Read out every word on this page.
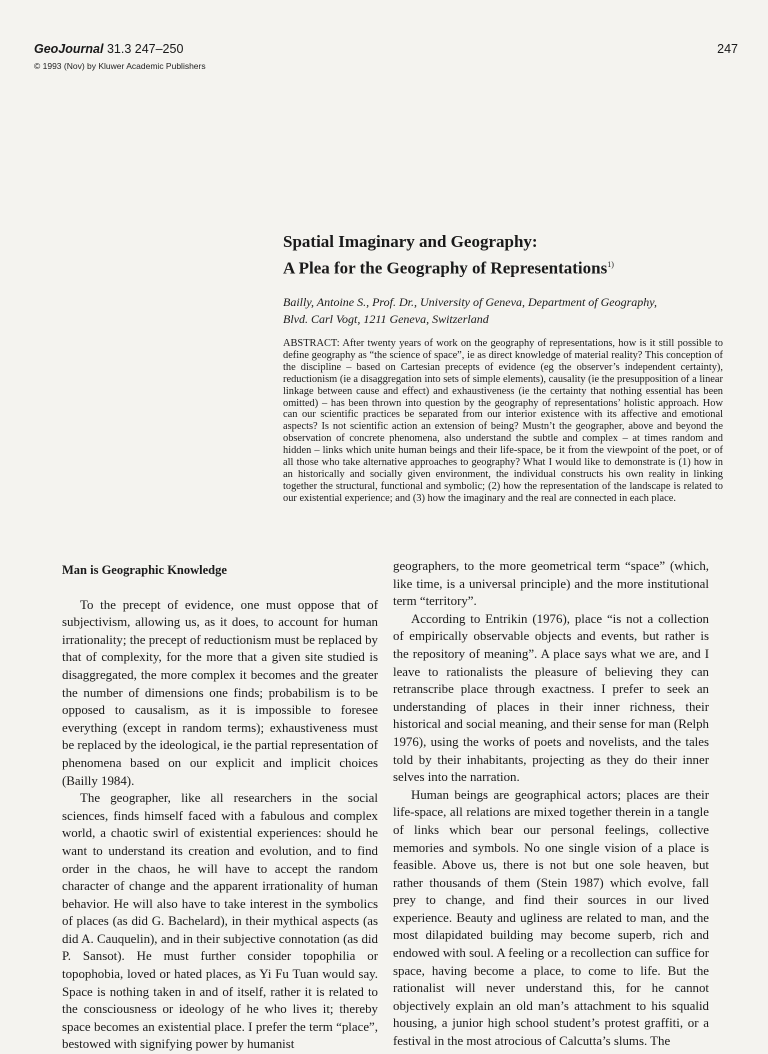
GeoJournal 31.3 247–250
© 1993 (Nov) by Kluwer Academic Publishers
247

Spatial Imaginary and Geography:

A Plea for the Geography of Representations$^{1)}$

Bailly, Antoine S., Prof. Dr., University of Geneva, Department of Geography,
Blvd. Carl Vogt, 1211 Geneva, Switzerland

ABSTRACT: After twenty years of work on the geography of representations, how is it still possible to define geography as “the science of space”, ie as direct knowledge of material reality? This conception of the discipline – based on Cartesian precepts of evidence (eg the observer’s independent certainty), reductionism (ie a disaggregation into sets of simple elements), causality (ie the presupposition of a linear linkage between cause and effect) and exhaustiveness (ie the certainty that nothing essential has been omitted) – has been thrown into question by the geography of representations’ holistic approach. How can our scientific practices be separated from our interior existence with its affective and emotional aspects? Is not scientific action an extension of being? Mustn’t the geographer, above and beyond the observation of concrete phenomena, also understand the subtle and complex – at times random and hidden – links which unite human beings and their life-space, be it from the viewpoint of the poet, or of all those who take alternative approaches to geography? What I would like to demonstrate is (1) how in an historically and socially given environment, the individual constructs his own reality in linking together the structural, functional and symbolic; (2) how the representation of the landscape is related to our existential experience; and (3) how the imaginary and the real are connected in each place.

Man is Geographic Knowledge

To the precept of evidence, one must oppose that of subjectivism, allowing us, as it does, to account for human irrationality; the precept of reductionism must be replaced by that of complexity, for the more that a given site studied is disaggregated, the more complex it becomes and the greater the number of dimensions one finds; probabilism is to be opposed to causalism, as it is impossible to foresee everything (except in random terms); exhaustiveness must be replaced by the ideological, ie the partial representation of phenomena based on our explicit and implicit choices (Bailly 1984).

The geographer, like all researchers in the social sciences, finds himself faced with a fabulous and complex world, a chaotic swirl of existential experiences: should he want to understand its creation and evolution, and to find order in the chaos, he will have to accept the random character of change and the apparent irrationality of human behavior. He will also have to take interest in the symbolics of places (as did G. Bachelard), in their mythical aspects (as did A. Cauquelin), and in their subjective connotation (as did P. Sansot). He must further consider topophilia or topophobia, loved or hated places, as Yi Fu Tuan would say. Space is nothing taken in and of itself, rather it is related to the consciousness or ideology of he who lives it; thereby space becomes an existential place. I prefer the term “place”, bestowed with signifying power by humanist

geographers, to the more geometrical term “space” (which, like time, is a universal principle) and the more institutional term “territory”.

According to Entrikin (1976), place “is not a collection of empirically observable objects and events, but rather is the repository of meaning”. A place says what we are, and I leave to rationalists the pleasure of believing they can retranscribe place through exactness. I prefer to seek an understanding of places in their inner richness, their historical and social meaning, and their sense for man (Relph 1976), using the works of poets and novelists, and the tales told by their inhabitants, projecting as they do their inner selves into the narration.

Human beings are geographical actors; places are their life-space, all relations are mixed together therein in a tangle of links which bear our personal feelings, collective memories and symbols. No one single vision of a place is feasible. Above us, there is not but one sole heaven, but rather thousands of them (Stein 1987) which evolve, fall prey to change, and find their sources in our lived experience. Beauty and ugliness are related to man, and the most dilapidated building may become superb, rich and endowed with soul. A feeling or a recollection can suffice for space, having become a place, to come to life. But the rationalist will never understand this, for he cannot objectively explain an old man’s attachment to his squalid housing, a junior high school student’s protest graffiti, or a festival in the most atrocious of Calcutta’s slums. The
